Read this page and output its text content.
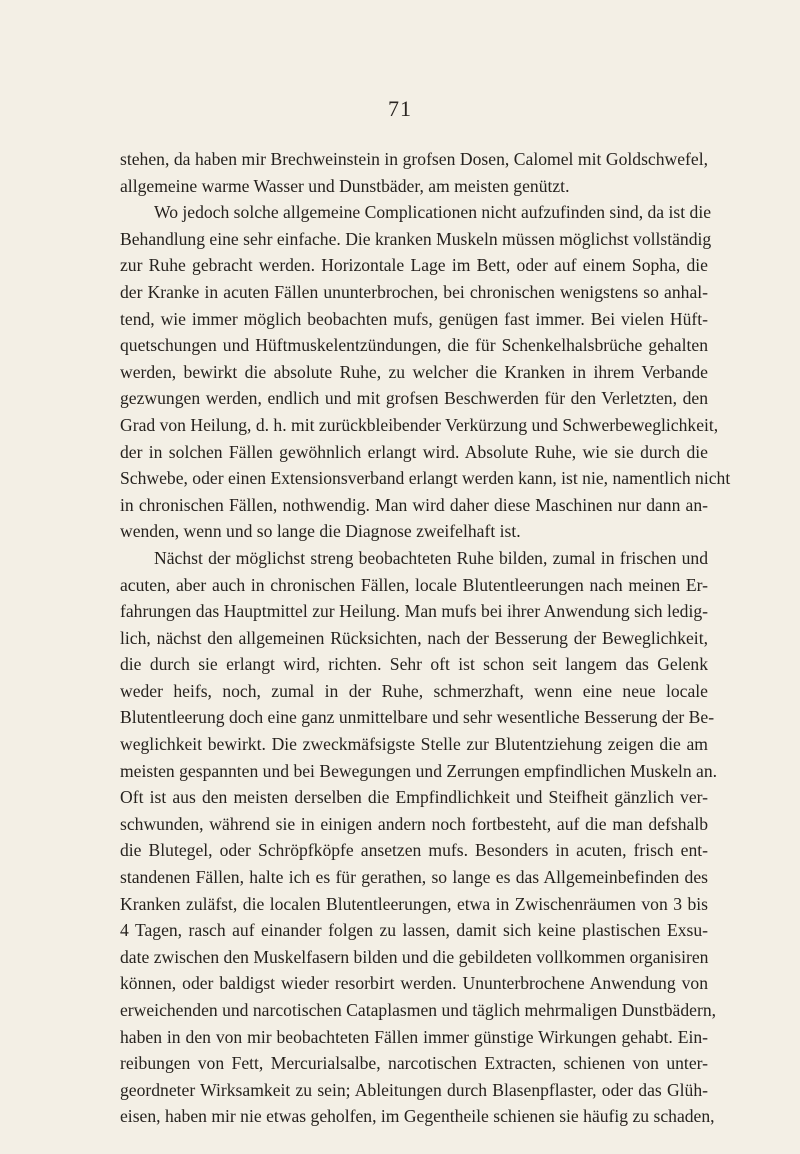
71
stehen, da haben mir Brechweinstein in grofsen Dosen, Calomel mit Goldschwefel,
allgemeine warme Wasser und Dunstbäder, am meisten genützt.
Wo jedoch solche allgemeine Complicationen nicht aufzufinden sind, da ist die
Behandlung eine sehr einfache. Die kranken Muskeln müssen möglichst vollständig
zur Ruhe gebracht werden. Horizontale Lage im Bett, oder auf einem Sopha, die
der Kranke in acuten Fällen ununterbrochen, bei chronischen wenigstens so anhal-
tend, wie immer möglich beobachten mufs, genügen fast immer. Bei vielen Hüft-
quetschungen und Hüftmuskelentzündungen, die für Schenkelhalsbrüche gehalten
werden, bewirkt die absolute Ruhe, zu welcher die Kranken in ihrem Verbande
gezwungen werden, endlich und mit grofsen Beschwerden für den Verletzten, den
Grad von Heilung, d. h. mit zurückbleibender Verkürzung und Schwerbeweglichkeit,
der in solchen Fällen gewöhnlich erlangt wird. Absolute Ruhe, wie sie durch die
Schwebe, oder einen Extensionsverband erlangt werden kann, ist nie, namentlich nicht
in chronischen Fällen, nothwendig. Man wird daher diese Maschinen nur dann an-
wenden, wenn und so lange die Diagnose zweifelhaft ist.
Nächst der möglichst streng beobachteten Ruhe bilden, zumal in frischen und
acuten, aber auch in chronischen Fällen, locale Blutentleerungen nach meinen Er-
fahrungen das Hauptmittel zur Heilung. Man mufs bei ihrer Anwendung sich ledig-
lich, nächst den allgemeinen Rücksichten, nach der Besserung der Beweglichkeit,
die durch sie erlangt wird, richten. Sehr oft ist schon seit langem das Gelenk
weder heifs, noch, zumal in der Ruhe, schmerzhaft, wenn eine neue locale
Blutentleerung doch eine ganz unmittelbare und sehr wesentliche Besserung der Be-
weglichkeit bewirkt. Die zweckmäfsigste Stelle zur Blutentziehung zeigen die am
meisten gespannten und bei Bewegungen und Zerrungen empfindlichen Muskeln an.
Oft ist aus den meisten derselben die Empfindlichkeit und Steifheit gänzlich ver-
schwunden, während sie in einigen andern noch fortbesteht, auf die man defshalb
die Blutegel, oder Schröpfköpfe ansetzen mufs. Besonders in acuten, frisch ent-
standenen Fällen, halte ich es für gerathen, so lange es das Allgemeinbefinden des
Kranken zuläfst, die localen Blutentleerungen, etwa in Zwischenräumen von 3 bis
4 Tagen, rasch auf einander folgen zu lassen, damit sich keine plastischen Exsu-
date zwischen den Muskelfasern bilden und die gebildeten vollkommen organisiren
können, oder baldigst wieder resorbirt werden. Ununterbrochene Anwendung von
erweichenden und narcotischen Cataplasmen und täglich mehrmaligen Dunstbädern,
haben in den von mir beobachteten Fällen immer günstige Wirkungen gehabt. Ein-
reibungen von Fett, Mercurialsalbe, narcotischen Extracten, schienen von unter-
geordneter Wirksamkeit zu sein; Ableitungen durch Blasenpflaster, oder das Glüh-
eisen, haben mir nie etwas geholfen, im Gegentheile schienen sie häufig zu schaden,
